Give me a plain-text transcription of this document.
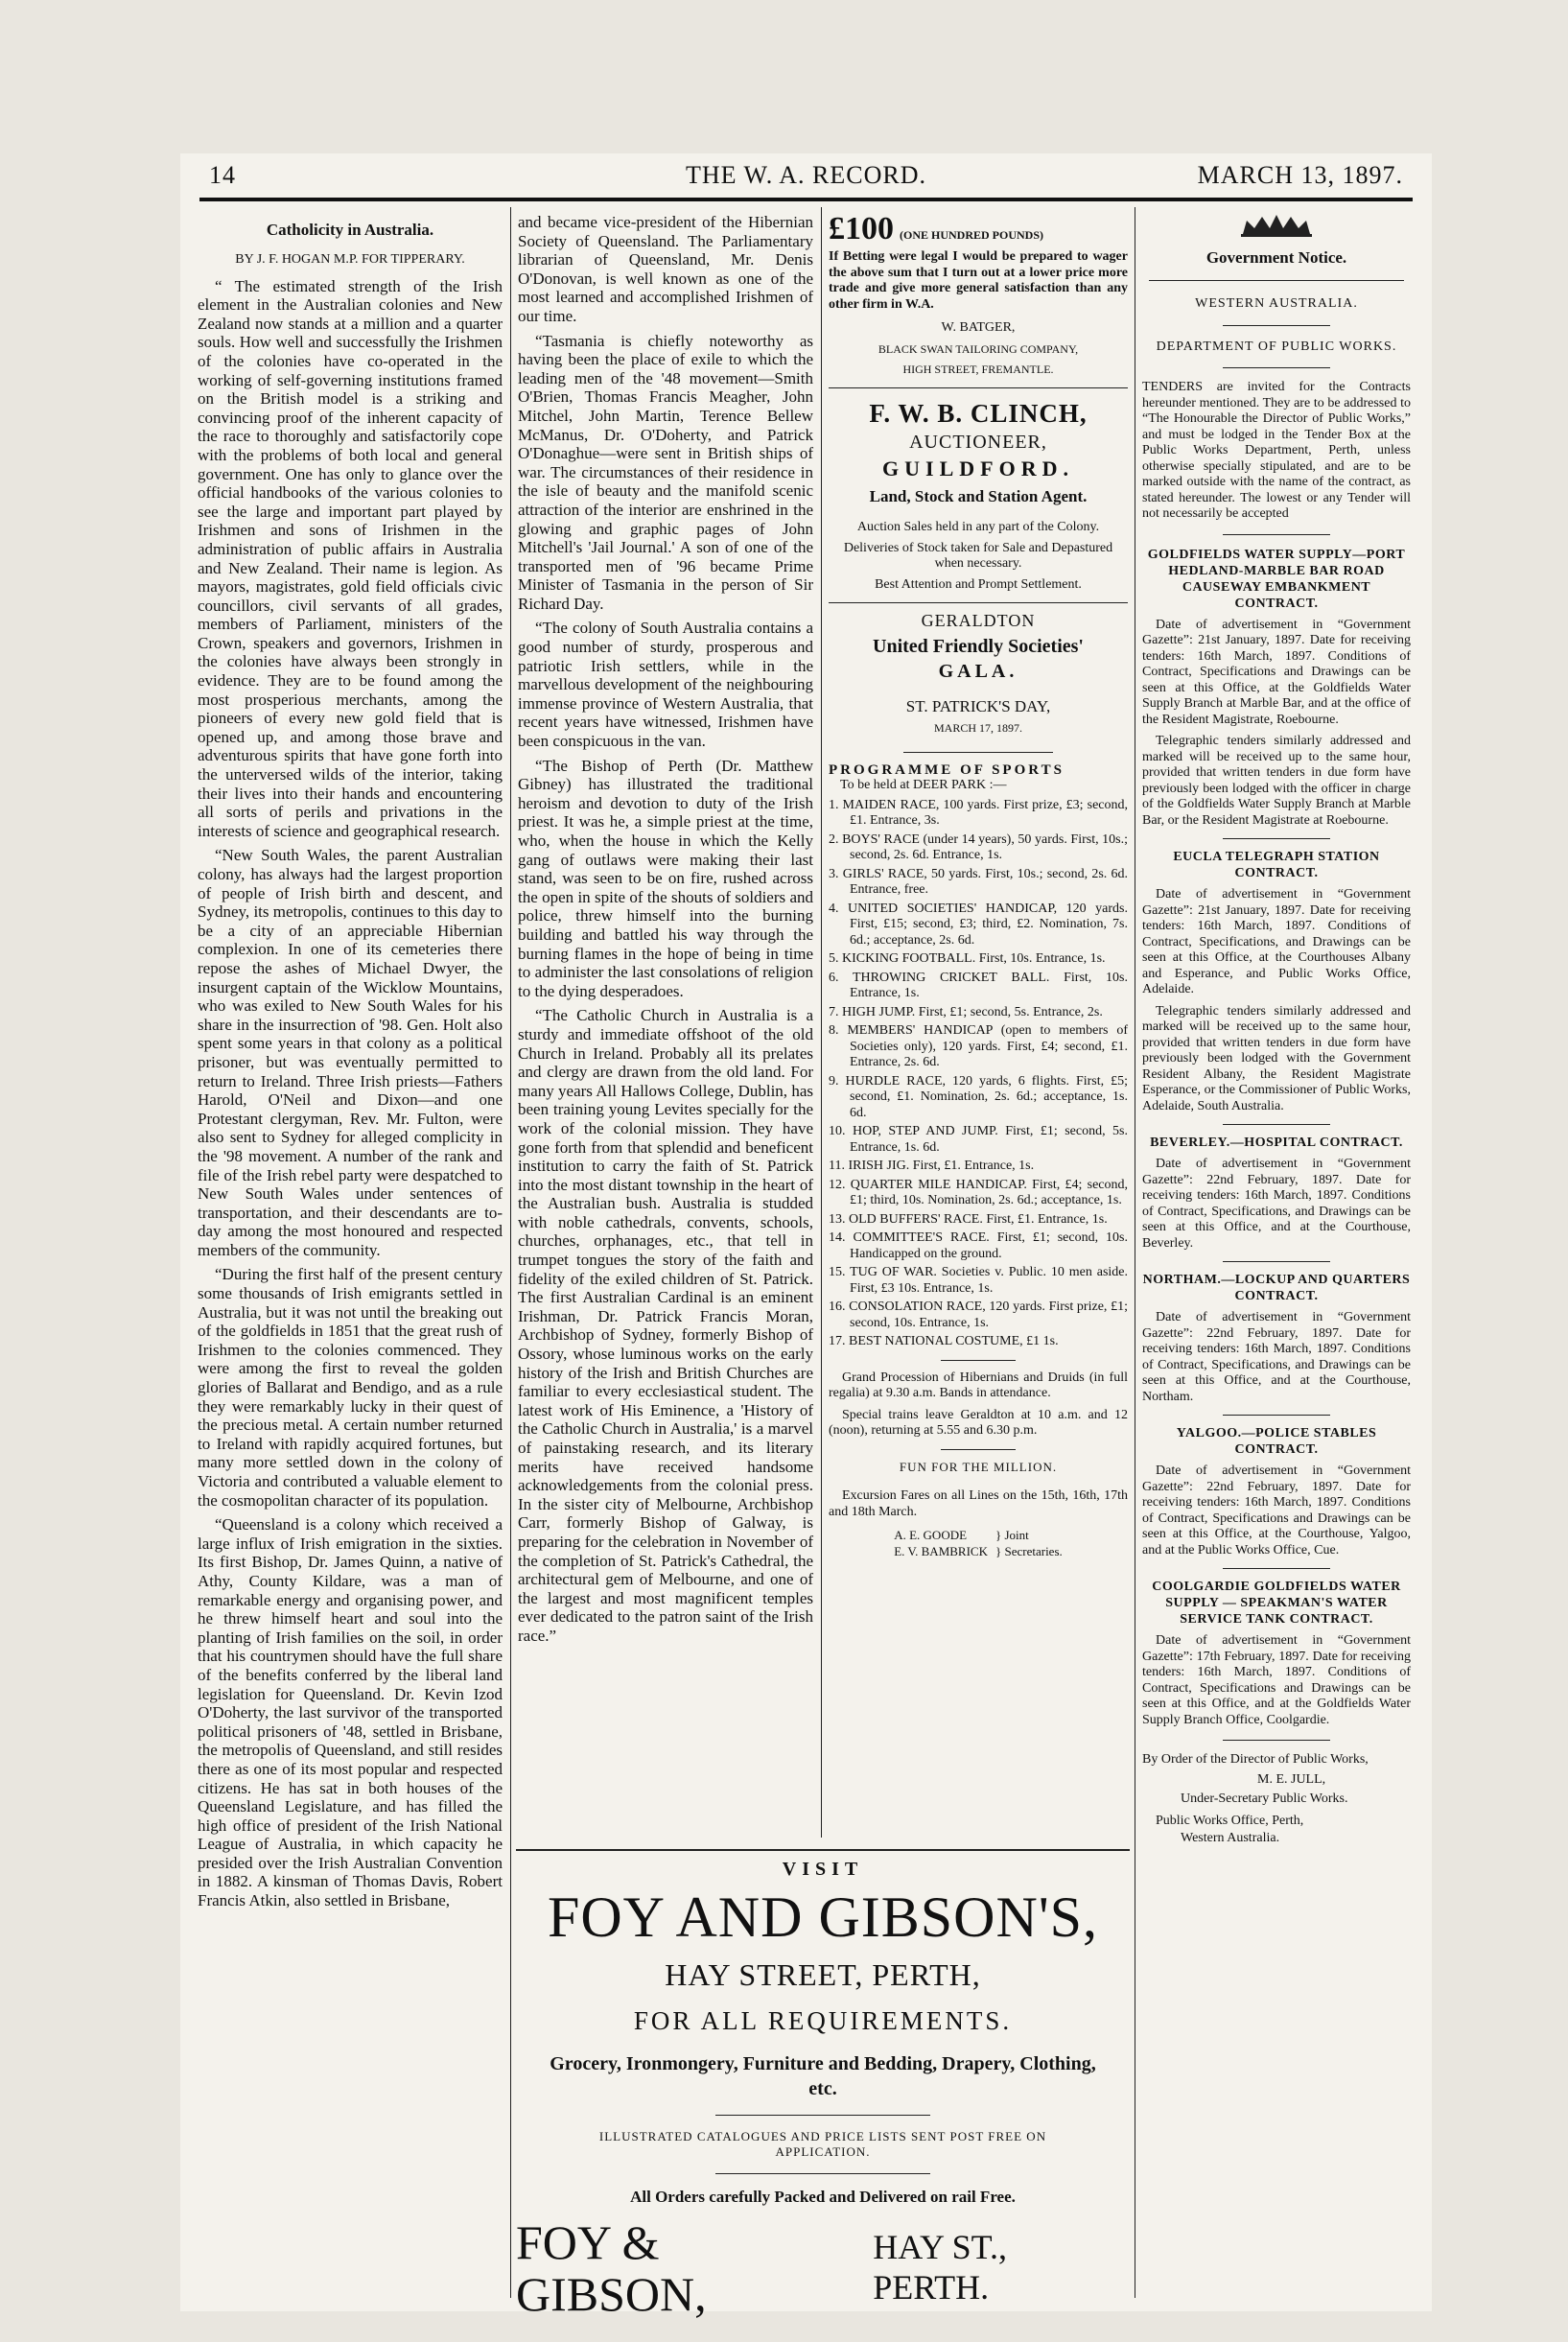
14	THE W. A. RECORD.	MARCH 13, 1897.
Catholicity in Australia.
BY J. F. HOGAN M.P. FOR TIPPERARY.

“ The estimated strength of the Irish element in the Australian colonies and New Zealand now stands at a million and a quarter souls. How well and successfully the Irishmen of the colonies have co-operated in the working of self-governing institutions framed on the British model is a striking and convincing proof of the inherent capacity of the race to thoroughly and satisfactorily cope with the problems of both local and general government. One has only to glance over the official handbooks of the various colonies to see the large and important part played by Irishmen and sons of Irishmen in the administration of public affairs in Australia and New Zealand. Their name is legion. As mayors, magistrates, gold field officials civic councillors, civil servants of all grades, members of Parliament, ministers of the Crown, speakers and governors, Irishmen in the colonies have always been strongly in evidence. They are to be found among the most prosperious merchants, among the pioneers of every new gold field that is opened up, and among those brave and adventurous spirits that have gone forth into the unterversed wilds of the interior, taking their lives into their hands and encountering all sorts of perils and privations in the interests of science and geographical research.

“New South Wales, the parent Australian colony, has always had the largest proportion of people of Irish birth and descent, and Sydney, its metropolis, continues to this day to be a city of an appreciable Hibernian complexion. In one of its cemeteries there repose the ashes of Michael Dwyer, the insurgent captain of the Wicklow Mountains, who was exiled to New South Wales for his share in the insurrection of '98. Gen. Holt also spent some years in that colony as a political prisoner, but was eventually permitted to return to Ireland. Three Irish priests—Fathers Harold, O'Neil and Dixon—and one Protestant clergyman, Rev. Mr. Fulton, were also sent to Sydney for alleged complicity in the '98 movement. A number of the rank and file of the Irish rebel party were despatched to New South Wales under sentences of transportation, and their descendants are to-day among the most honoured and respected members of the community.

“During the first half of the present century some thousands of Irish emigrants settled in Australia, but it was not until the breaking out of the goldfields in 1851 that the great rush of Irishmen to the colonies commenced. They were among the first to reveal the golden glories of Ballarat and Bendigo, and as a rule they were remarkably lucky in their quest of the precious metal. A certain number returned to Ireland with rapidly acquired fortunes, but many more settled down in the colony of Victoria and contributed a valuable element to the cosmopolitan character of its population.

“Queensland is a colony which received a large influx of Irish emigration in the sixties. Its first Bishop, Dr. James Quinn, a native of Athy, County Kildare, was a man of remarkable energy and organising power, and he threw himself heart and soul into the planting of Irish families on the soil, in order that his countrymen should have the full share of the benefits conferred by the liberal land legislation for Queensland. Dr. Kevin Izod O'Doherty, the last survivor of the transported political prisoners of '48, settled in Brisbane, the metropolis of Queensland, and still resides there as one of its most popular and respected citizens. He has sat in both houses of the Queensland Legislature, and has filled the high office of president of the Irish National League of Australia, in which capacity he presided over the Irish Australian Convention in 1882. A kinsman of Thomas Davis, Robert Francis Atkin, also settled in Brisbane,

and became vice-president of the Hibernian Society of Queensland. The Parliamentary librarian of Queensland, Mr. Denis O'Donovan, is well known as one of the most learned and accomplished Irishmen of our time.

“Tasmania is chiefly noteworthy as having been the place of exile to which the leading men of the '48 movement—Smith O'Brien, Thomas Francis Meagher, John Mitchel, John Martin, Terence Bellew McManus, Dr. O'Doherty, and Patrick O'Donaghue—were sent in British ships of war. The circumstances of their residence in the isle of beauty and the manifold scenic attraction of the interior are enshrined in the glowing and graphic pages of John Mitchell's 'Jail Journal.' A son of one of the transported men of '96 became Prime Minister of Tasmania in the person of Sir Richard Day.

“The colony of South Australia contains a good number of sturdy, prosperous and patriotic Irish settlers, while in the marvellous development of the neighbouring immense province of Western Australia, that recent years have witnessed, Irishmen have been conspicuous in the van.

“The Bishop of Perth (Dr. Matthew Gibney) has illustrated the traditional heroism and devotion to duty of the Irish priest. It was he, a simple priest at the time, who, when the house in which the Kelly gang of outlaws were making their last stand, was seen to be on fire, rushed across the open in spite of the shouts of soldiers and police, threw himself into the burning building and battled his way through the burning flames in the hope of being in time to administer the last consolations of religion to the dying desperadoes.

“The Catholic Church in Australia is a sturdy and immediate offshoot of the old Church in Ireland. Probably all its prelates and clergy are drawn from the old land. For many years All Hallows College, Dublin, has been training young Levites specially for the work of the colonial mission. They have gone forth from that splendid and beneficent institution to carry the faith of St. Patrick into the most distant township in the heart of the Australian bush. Australia is studded with noble cathedrals, convents, schools, churches, orphanages, etc., that tell in trumpet tongues the story of the faith and fidelity of the exiled children of St. Patrick. The first Australian Cardinal is an eminent Irishman, Dr. Patrick Francis Moran, Archbishop of Sydney, formerly Bishop of Ossory, whose luminous works on the early history of the Irish and British Churches are familiar to every ecclesiastical student. The latest work of His Eminence, a 'History of the Catholic Church in Australia,' is a marvel of painstaking research, and its literary merits have received handsome acknowledgements from the colonial press. In the sister city of Melbourne, Archbishop Carr, formerly Bishop of Galway, is preparing for the celebration in November of the completion of St. Patrick's Cathedral, the architectural gem of Melbourne, and one of the largest and most magnificent temples ever dedicated to the patron saint of the Irish race.”

£100 (ONE HUNDRED POUNDS)
If Betting were legal I would be prepared to wager the above sum that I turn out at a lower price more trade and give more general satisfaction than any other firm in W.A.
W. BATGER,
BLACK SWAN TAILORING COMPANY,
HIGH STREET, FREMANTLE.
F. W. B. CLINCH,
AUCTIONEER,
GUILDFORD.
Land, Stock and Station Agent.
Auction Sales held in any part of the Colony.
Deliveries of Stock taken for Sale and Depastured when necessary.
Best Attention and Prompt Settlement.
GERALDTON
United Friendly Societies'
GALA.
ST. PATRICK'S DAY,
MARCH 17, 1897.
PROGRAMME OF SPORTS
To be held at DEER PARK :—
1. MAIDEN RACE, 100 yards. First prize, £3; second, £1. Entrance, 3s.
2. BOYS' RACE (under 14 years), 50 yards. First, 10s.; second, 2s. 6d. Entrance, 1s.
3. GIRLS' RACE, 50 yards. First, 10s.; second, 2s. 6d. Entrance, free.
4. UNITED SOCIETIES' HANDICAP, 120 yards. First, £15; second, £3; third, £2. Nomination, 7s. 6d.; acceptance, 2s. 6d.
5. KICKING FOOTBALL. First, 10s. Entrance, 1s.
6. THROWING CRICKET BALL. First, 10s. Entrance, 1s.
7. HIGH JUMP. First, £1; second, 5s. Entrance, 2s.
8. MEMBERS' HANDICAP (open to members of Societies only), 120 yards. First, £4; second, £1. Entrance, 2s. 6d.
9. HURDLE RACE, 120 yards, 6 flights. First, £5; second, £1. Nomination, 2s. 6d.; acceptance, 1s. 6d.
10. HOP, STEP AND JUMP. First, £1; second, 5s. Entrance, 1s. 6d.
11. IRISH JIG. First, £1. Entrance, 1s.
12. QUARTER MILE HANDICAP. First, £4; second, £1; third, 10s. Nomination, 2s. 6d.; acceptance, 1s.
13. OLD BUFFERS' RACE. First, £1. Entrance, 1s.
14. COMMITTEE'S RACE. First, £1; second, 10s. Handicapped on the ground.
15. TUG OF WAR. Societies v. Public. 10 men aside. First, £3 10s. Entrance, 1s.
16. CONSOLATION RACE, 120 yards. First prize, £1; second, 10s. Entrance, 1s.
17. BEST NATIONAL COSTUME, £1 1s.
Grand Procession of Hibernians and Druids (in full regalia) at 9.30 a.m. Bands in attendance.
Special trains leave Geraldton at 10 a.m. and 12 (noon), returning at 5.55 and 6.30 p.m.
FUN FOR THE MILLION.
Excursion Fares on all Lines on the 15th, 16th, 17th and 18th March.
A. E. GOODE
E. V. BAMBRICK
} Joint
} Secretaries.
VISIT
FOY AND GIBSON'S,
HAY STREET, PERTH,
FOR ALL REQUIREMENTS.
Grocery, Ironmongery, Furniture and Bedding, Drapery, Clothing, etc.
ILLUSTRATED CATALOGUES AND PRICE LISTS SENT POST FREE ON APPLICATION.
All Orders carefully Packed and Delivered on rail Free.
FOY & GIBSON,
HAY ST., PERTH.
Government Notice.
WESTERN AUSTRALIA.
DEPARTMENT OF PUBLIC WORKS.

TENDERS are invited for the Contracts hereunder mentioned. They are to be addressed to “The Honourable the Director of Public Works,” and must be lodged in the Tender Box at the Public Works Department, Perth, unless otherwise specially stipulated, and are to be marked outside with the name of the contract, as stated hereunder. The lowest or any Tender will not necessarily be accepted

GOLDFIELDS WATER SUPPLY—PORT HEDLAND-MARBLE BAR ROAD CAUSEWAY EMBANKMENT CONTRACT.

Date of advertisement in “Government Gazette”: 21st January, 1897. Date for receiving tenders: 16th March, 1897. Conditions of Contract, Specifications and Drawings can be seen at this Office, at the Goldfields Water Supply Branch at Marble Bar, and at the office of the Resident Magistrate, Roebourne.

Telegraphic tenders similarly addressed and marked will be received up to the same hour, provided that written tenders in due form have previously been lodged with the officer in charge of the Goldfields Water Supply Branch at Marble Bar, or the Resident Magistrate at Roebourne.

EUCLA TELEGRAPH STATION CONTRACT.

Date of advertisement in “Government Gazette”: 21st January, 1897. Date for receiving tenders: 16th March, 1897. Conditions of Contract, Specifications, and Drawings can be seen at this Office, at the Courthouses Albany and Esperance, and Public Works Office, Adelaide.

Telegraphic tenders similarly addressed and marked will be received up to the same hour, provided that written tenders in due form have previously been lodged with the Government Resident Albany, the Resident Magistrate Esperance, or the Commissioner of Public Works, Adelaide, South Australia.

BEVERLEY.—HOSPITAL CONTRACT.

Date of advertisement in “Government Gazette”: 22nd February, 1897. Date for receiving tenders: 16th March, 1897. Conditions of Contract, Specifications, and Drawings can be seen at this Office, and at the Courthouse, Beverley.

NORTHAM.—LOCKUP AND QUARTERS CONTRACT.

Date of advertisement in “Government Gazette”: 22nd February, 1897. Date for receiving tenders: 16th March, 1897. Conditions of Contract, Specifications, and Drawings can be seen at this Office, and at the Courthouse, Northam.

YALGOO.—POLICE STABLES CONTRACT.

Date of advertisement in “Government Gazette”: 22nd February, 1897. Date for receiving tenders: 16th March, 1897. Conditions of Contract, Specifications and Drawings can be seen at this Office, at the Courthouse, Yalgoo, and at the Public Works Office, Cue.

COOLGARDIE GOLDFIELDS WATER SUPPLY — SPEAKMAN'S WATER SERVICE TANK CONTRACT.

Date of advertisement in “Government Gazette”: 17th February, 1897. Date for receiving tenders: 16th March, 1897. Conditions of Contract, Specifications and Drawings can be seen at this Office, and at the Goldfields Water Supply Branch Office, Coolgardie.

By Order of the Director of Public Works,
M. E. JULL,
Under-Secretary Public Works.
Public Works Office, Perth,
Western Australia.
